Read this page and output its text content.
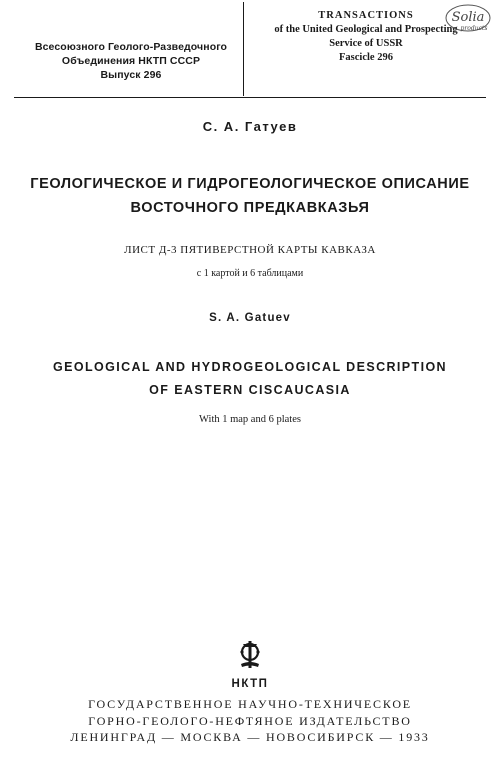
Всесоюзного Геолого-Разведочного
Объединения НКТП СССР
Выпуск 296
TRANSACTIONS
of the United Geological and Prospecting
Service of USSR
Fascicle 296
Solia
products
С. А. Гатуев
ГЕОЛОГИЧЕСКОЕ И ГИДРОГЕОЛОГИЧЕСКОЕ ОПИСАНИЕ
ВОСТОЧНОГО ПРЕДКАВКАЗЬЯ
ЛИСТ Д-3 ПЯТИВЕРСТНОЙ КАРТЫ КАВКАЗА
с 1 картой и 6 таблицами
S. A. Gatuev
GEOLOGICAL AND HYDROGEOLOGICAL DESCRIPTION
OF EASTERN CISCAUCASIA
With 1 map and 6 plates
НКТП
ГОСУДАРСТВЕННОЕ НАУЧНО-ТЕХНИЧЕСКОЕ
ГОРНО-ГЕОЛОГО-НЕФТЯНОЕ ИЗДАТЕЛЬСТВО
ЛЕНИНГРАД — МОСКВА — НОВОСИБИРСК — 1933
